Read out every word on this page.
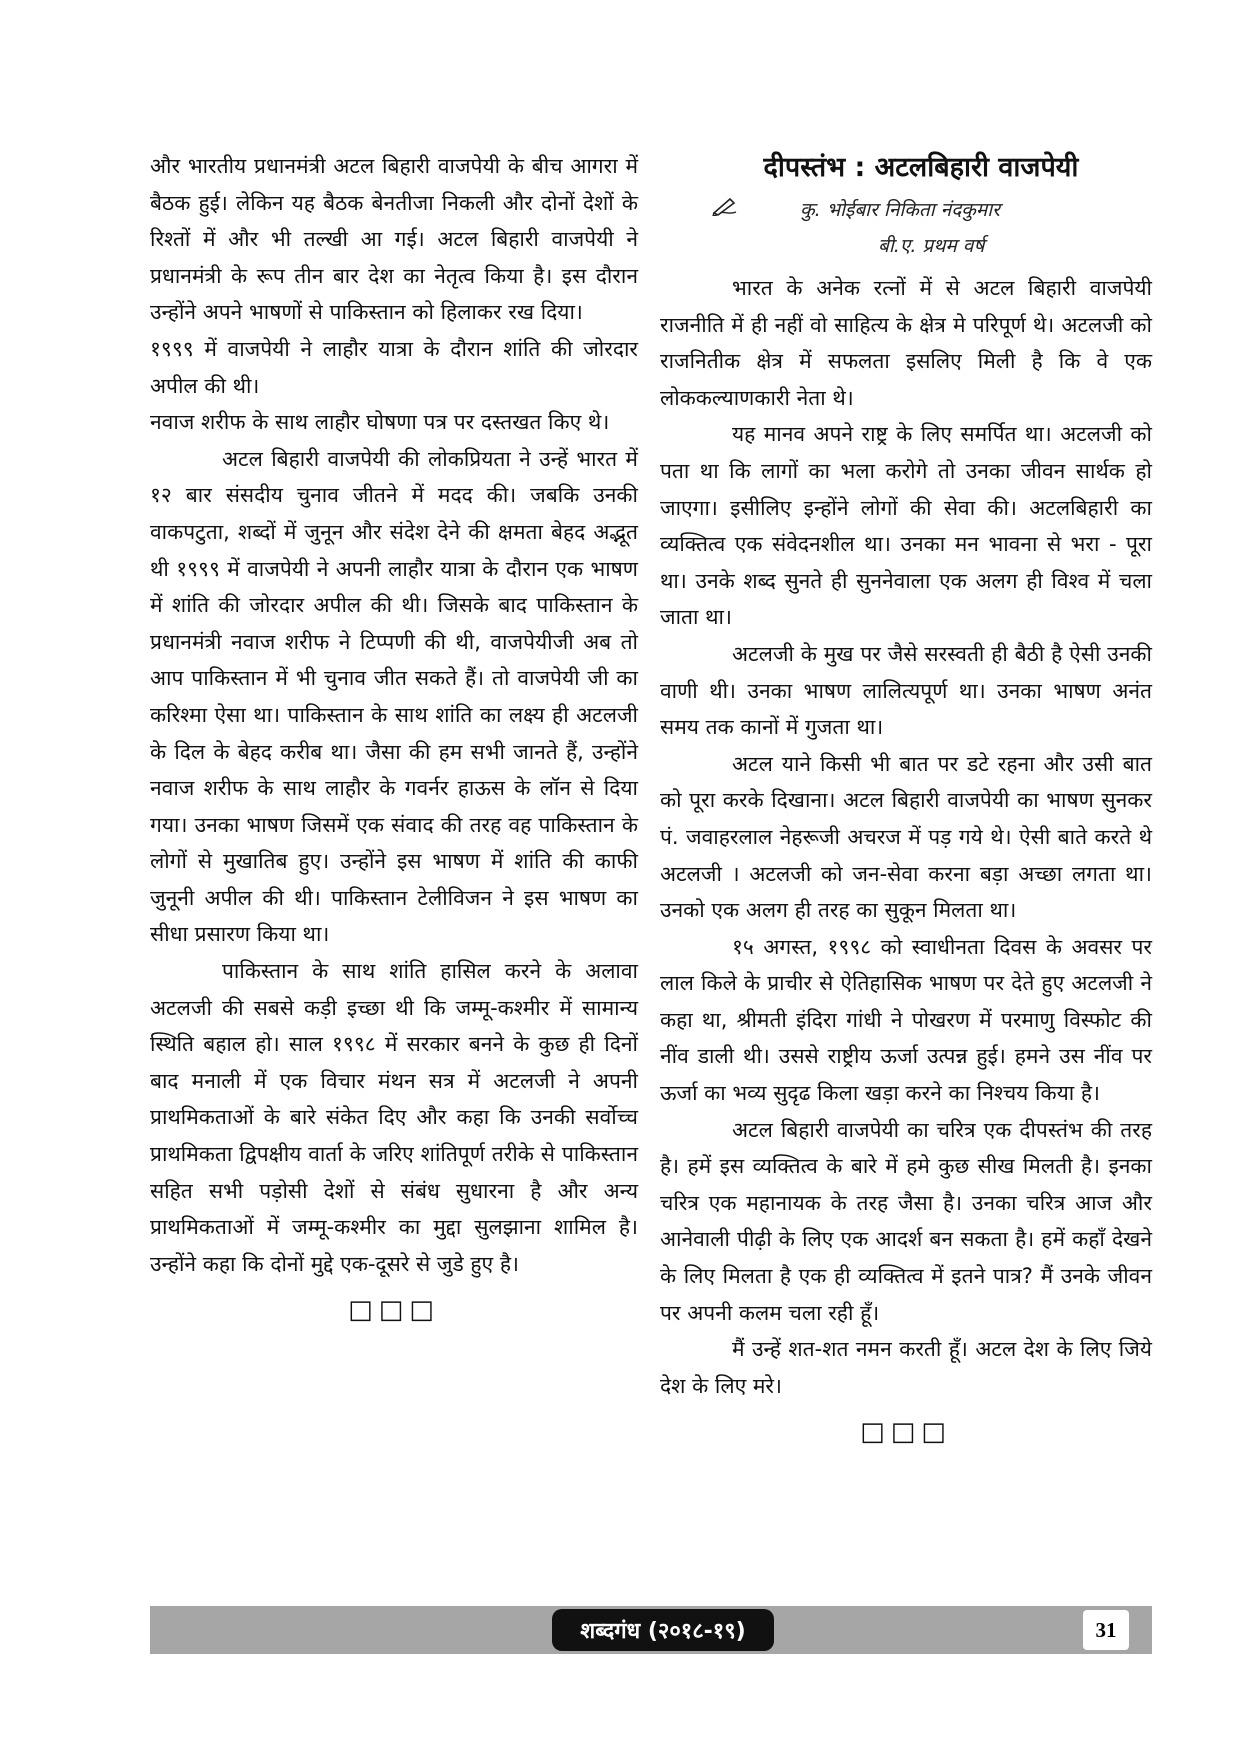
और भारतीय प्रधानमंत्री अटल बिहारी वाजपेयी के बीच आगरा में बैठक हुई। लेकिन यह बैठक बेनतीजा निकली और दोनों देशों के रिश्तों में और भी तल्खी आ गई। अटल बिहारी वाजपेयी ने प्रधानमंत्री के रूप तीन बार देश का नेतृत्व किया है। इस दौरान उन्होंने अपने भाषणों से पाकिस्तान को हिलाकर रख दिया।

१९९९ में वाजपेयी ने लाहौर यात्रा के दौरान शांति की जोरदार अपील की थी।

नवाज शरीफ के साथ लाहौर घोषणा पत्र पर दस्तखत किए थे।

अटल बिहारी वाजपेयी की लोकप्रियता ने उन्हें भारत में १२ बार संसदीय चुनाव जीतने में मदद की। जबकि उनकी वाकपटुता, शब्दों में जुनून और संदेश देने की क्षमता बेहद अद्भूत थी १९९९ में वाजपेयी ने अपनी लाहौर यात्रा के दौरान एक भाषण में शांति की जोरदार अपील की थी। जिसके बाद पाकिस्तान के प्रधानमंत्री नवाज शरीफ ने टिप्पणी की थी, वाजपेयीजी अब तो आप पाकिस्तान में भी चुनाव जीत सकते हैं। तो वाजपेयी जी का करिश्मा ऐसा था। पाकिस्तान के साथ शांति का लक्ष्य ही अटलजी के दिल के बेहद करीब था। जैसा की हम सभी जानते हैं, उन्होंने नवाज शरीफ के साथ लाहौर के गवर्नर हाऊस के लॉन से दिया गया। उनका भाषण जिसमें एक संवाद की तरह वह पाकिस्तान के लोगों से मुखातिब हुए। उन्होंने इस भाषण में शांति की काफी जुनूनी अपील की थी। पाकिस्तान टेलीविजन ने इस भाषण का सीधा प्रसारण किया था।

पाकिस्तान के साथ शांति हासिल करने के अलावा अटलजी की सबसे कड़ी इच्छा थी कि जम्मू-कश्मीर में सामान्य स्थिति बहाल हो। साल १९९८ में सरकार बनने के कुछ ही दिनों बाद मनाली में एक विचार मंथन सत्र में अटलजी ने अपनी प्राथमिकताओं के बारे संकेत दिए और कहा कि उनकी सर्वोच्च प्राथमिकता द्विपक्षीय वार्ता के जरिए शांतिपूर्ण तरीके से पाकिस्तान सहित सभी पड़ोसी देशों से संबंध सुधारना है और अन्य प्राथमिकताओं में जम्मू-कश्मीर का मुद्दा सुलझाना शामिल है। उन्होंने कहा कि दोनों मुद्दे एक-दूसरे से जुडे हुए है।

□□□
दीपस्तंभ : अटलबिहारी वाजपेयी

कु. भोईबार निकिता नंदकुमार

बी.ए. प्रथम वर्ष

भारत के अनेक रत्नों में से अटल बिहारी वाजपेयी राजनीति में ही नहीं वो साहित्य के क्षेत्र मे परिपूर्ण थे। अटलजी को राजनितीक क्षेत्र में सफलता इसलिए मिली है कि वे एक लोककल्याणकारी नेता थे।

यह मानव अपने राष्ट्र के लिए समर्पित था। अटलजी को पता था कि लागों का भला करोगे तो उनका जीवन सार्थक हो जाएगा। इसीलिए इन्होंने लोगों की सेवा की। अटलबिहारी का व्यक्तित्व एक संवेदनशील था। उनका मन भावना से भरा - पूरा था। उनके शब्द सुनते ही सुननेवाला एक अलग ही विश्व में चला जाता था।

अटलजी के मुख पर जैसे सरस्वती ही बैठी है ऐसी उनकी वाणी थी। उनका भाषण लालित्यपूर्ण था। उनका भाषण अनंत समय तक कानों में गुजता था।

अटल याने किसी भी बात पर डटे रहना और उसी बात को पूरा करके दिखाना। अटल बिहारी वाजपेयी का भाषण सुनकर पं. जवाहरलाल नेहरूजी अचरज में पड़ गये थे। ऐसी बाते करते थे अटलजी । अटलजी को जन-सेवा करना बड़ा अच्छा लगता था। उनको एक अलग ही तरह का सुकून मिलता था।

१५ अगस्त, १९९८ को स्वाधीनता दिवस के अवसर पर लाल किले के प्राचीर से ऐतिहासिक भाषण पर देते हुए अटलजी ने कहा था, श्रीमती इंदिरा गांधी ने पोखरण में परमाणु विस्फोट की नींव डाली थी। उससे राष्ट्रीय ऊर्जा उत्पन्न हुई। हमने उस नींव पर ऊर्जा का भव्य सुदृढ किला खड़ा करने का निश्चय किया है।

अटल बिहारी वाजपेयी का चरित्र एक दीपस्तंभ की तरह है। हमें इस व्यक्तित्व के बारे में हमे कुछ सीख मिलती है। इनका चरित्र एक महानायक के तरह जैसा है। उनका चरित्र आज और आनेवाली पीढ़ी के लिए एक आदर्श बन सकता है। हमें कहाँ देखने के लिए मिलता है एक ही व्यक्तित्व में इतने पात्र? मैं उनके जीवन पर अपनी कलम चला रही हूँ।

मैं उन्हें शत-शत नमन करती हूँ। अटल देश के लिए जिये देश के लिए मरे।

□□□
शब्दगंध (२०१८-१९)	31
